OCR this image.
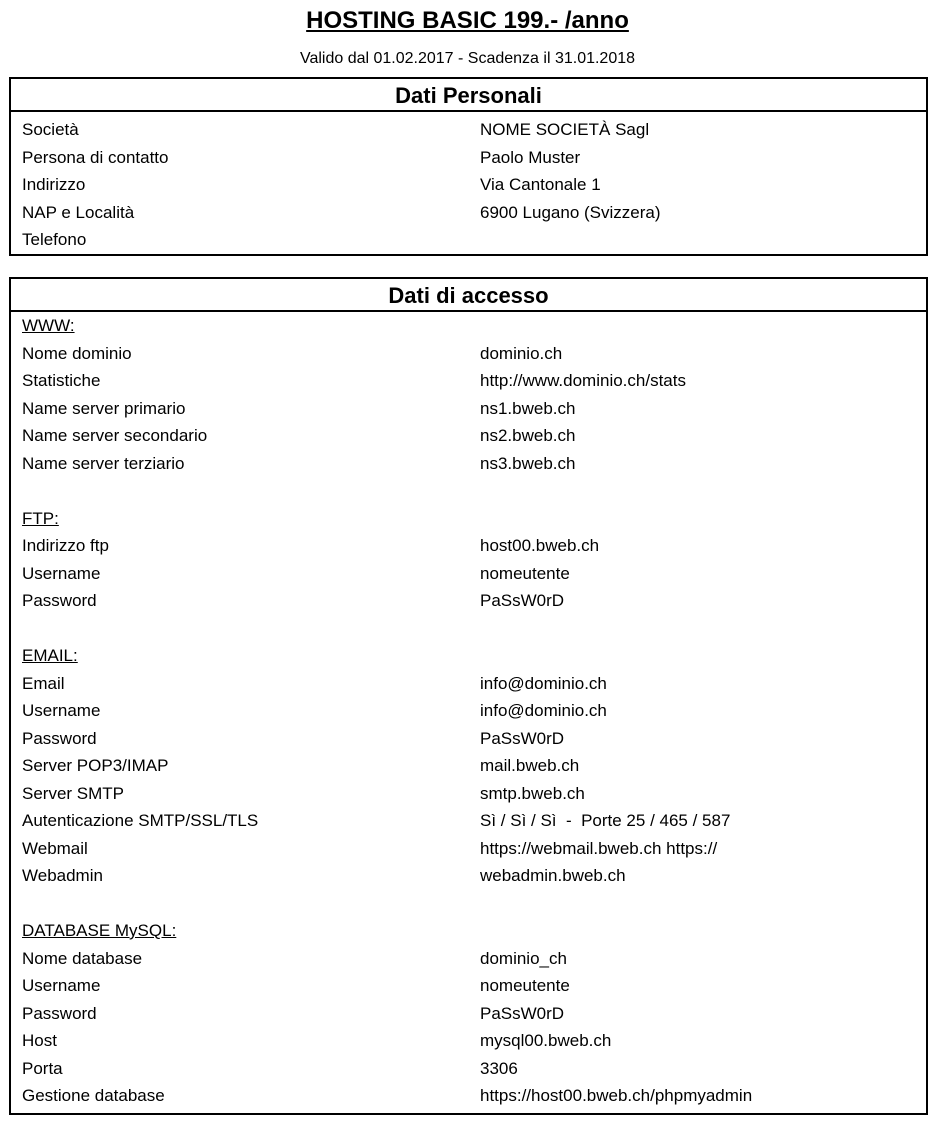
HOSTING BASIC 199.- /anno
Valido dal 01.02.2017 - Scadenza il 31.01.2018
Dati Personali
Società	NOME SOCIETÀ Sagl
Persona di contatto	Paolo Muster
Indirizzo	Via Cantonale 1
NAP e Località	6900 Lugano (Svizzera)
Telefono
Dati di accesso
WWW:
Nome dominio	dominio.ch
Statistiche	http://www.dominio.ch/stats
Name server primario	ns1.bweb.ch
Name server secondario	ns2.bweb.ch
Name server terziario	ns3.bweb.ch
FTP:
Indirizzo ftp	host00.bweb.ch
Username	nomeutente
Password	PaSsW0rD
EMAIL:
Email	info@dominio.ch
Username	info@dominio.ch
Password	PaSsW0rD
Server POP3/IMAP	mail.bweb.ch
Server SMTP	smtp.bweb.ch
Autenticazione SMTP/SSL/TLS	Sì / Sì / Sì  -  Porte 25 / 465 / 587
Webmail	https://webmail.bweb.ch https://
Webadmin	webadmin.bweb.ch
DATABASE MySQL:
Nome database	dominio_ch
Username	nomeutente
Password	PaSsW0rD
Host	mysql00.bweb.ch
Porta	3306
Gestione database	https://host00.bweb.ch/phpmyadmin
